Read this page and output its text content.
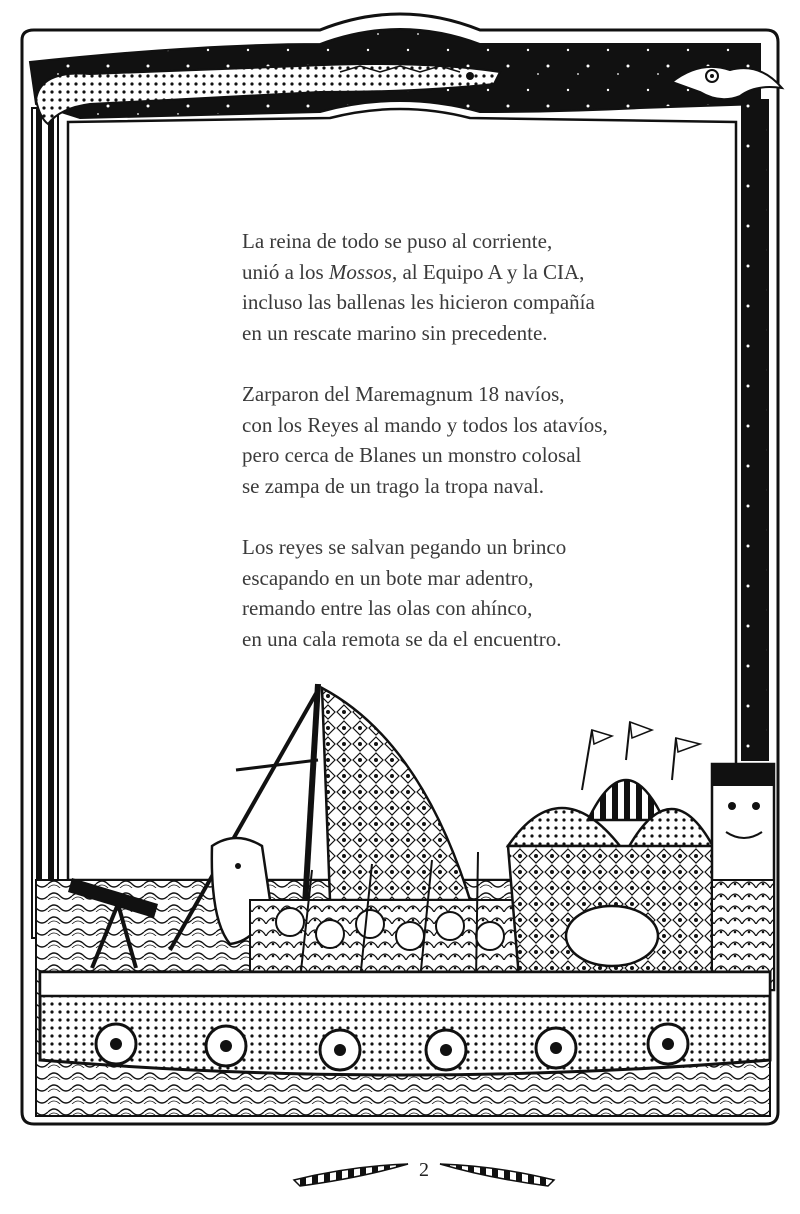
La reina de todo se puso al corriente,
unió a los Mossos, al Equipo A y la CIA,
incluso las ballenas les hicieron compañía
en un rescate marino sin precedente.
Zarparon del Maremagnum 18 navíos,
con los Reyes al mando y todos los atavíos,
pero cerca de Blanes un monstro colosal
se zampa de un trago la tropa naval.
Los reyes se salvan pegando un brinco
escapando en un bote mar adentro,
remando entre las olas con ahínco,
en una cala remota se da el encuentro.
2
